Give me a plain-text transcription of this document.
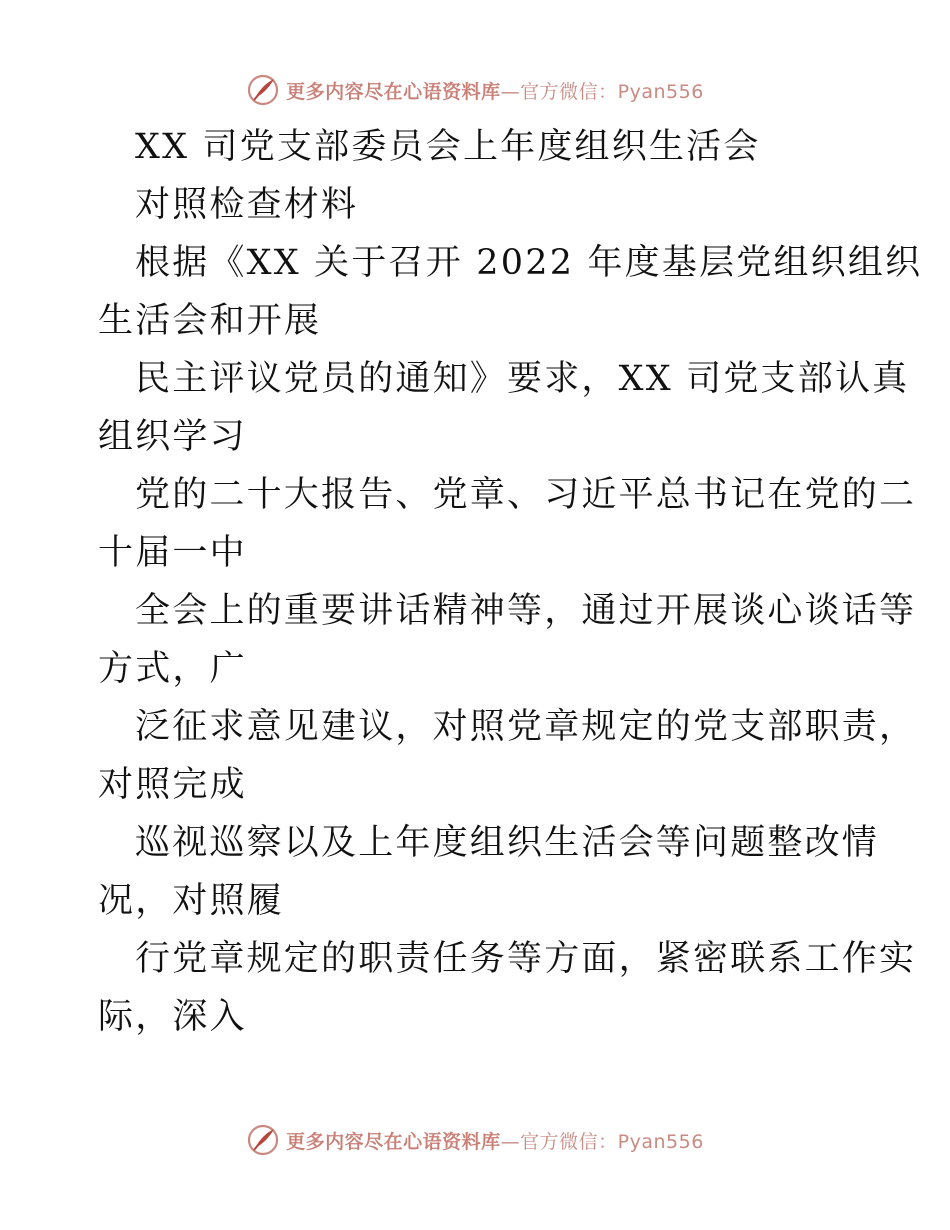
更多内容尽在心语资料库—官方微信：Pyan556
XX 司党支部委员会上年度组织生活会
对照检查材料
根据《XX 关于召开 2022 年度基层党组织组织
生活会和开展
民主评议党员的通知》要求，XX 司党支部认真
组织学习
党的二十大报告、党章、习近平总书记在党的二
十届一中
全会上的重要讲话精神等，通过开展谈心谈话等
方式，广
泛征求意见建议，对照党章规定的党支部职责，
对照完成
巡视巡察以及上年度组织生活会等问题整改情
况，对照履
行党章规定的职责任务等方面，紧密联系工作实
际，深入
更多内容尽在心语资料库—官方微信：Pyan556
